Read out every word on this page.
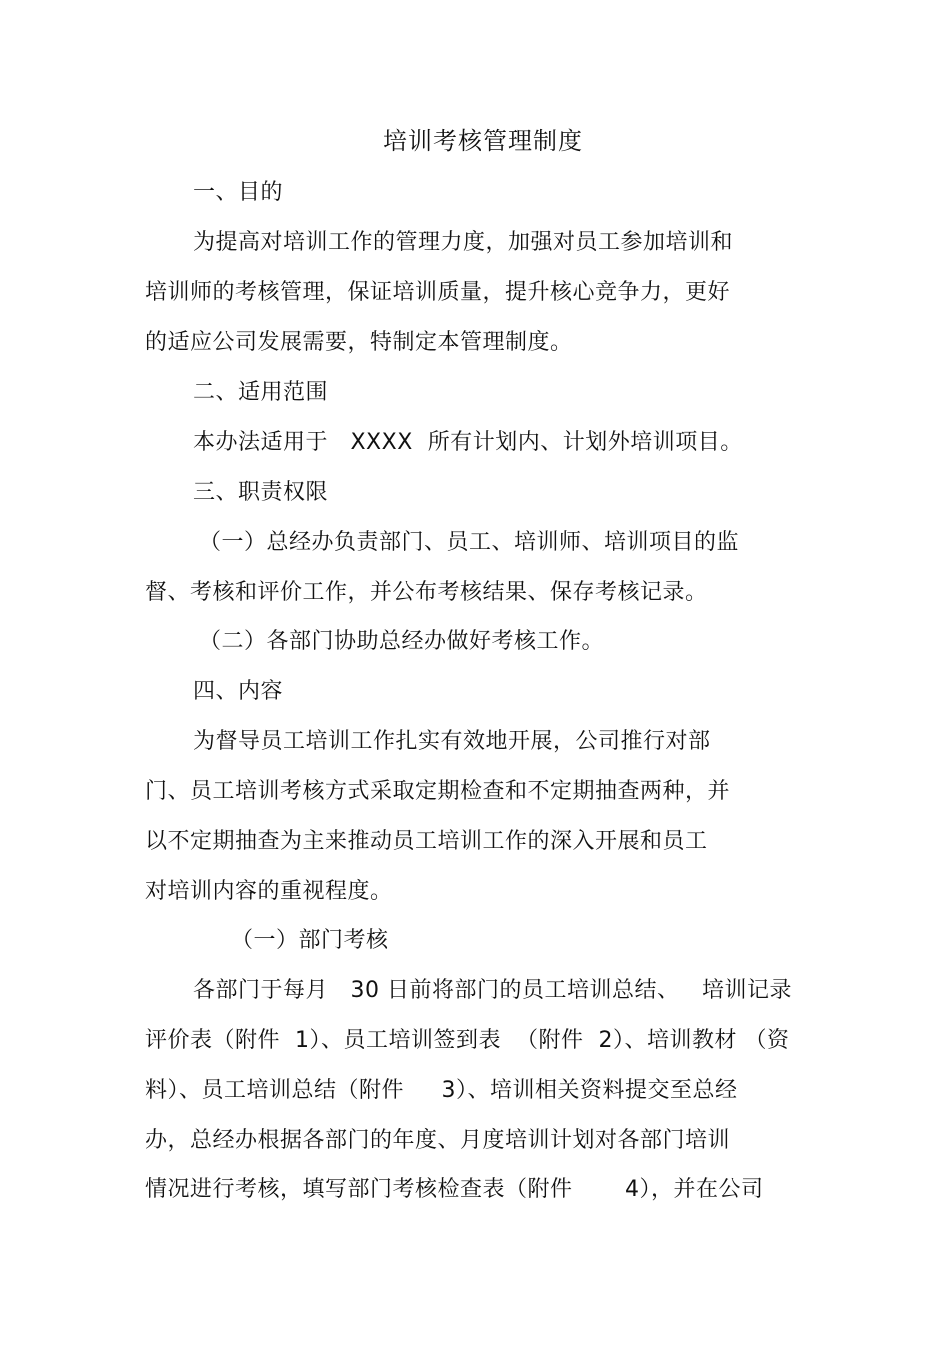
培训考核管理制度
一、目的
为提高对培训工作的管理力度，加强对员工参加培训和
培训师的考核管理，保证培训质量，提升核心竞争力，更好
的适应公司发展需要，特制定本管理制度。
二、适用范围
本办法适用于   XXXX  所有计划内、计划外培训项目。
三、职责权限
（一）总经办负责部门、员工、培训师、培训项目的监
督、考核和评价工作，并公布考核结果、保存考核记录。
（二）各部门协助总经办做好考核工作。
四、内容
为督导员工培训工作扎实有效地开展，公司推行对部
门、员工培训考核方式采取定期检查和不定期抽查两种，并
以不定期抽查为主来推动员工培训工作的深入开展和员工
对培训内容的重视程度。
（一）部门考核
各部门于每月   30 日前将部门的员工培训总结、   培训记录
评价表（附件  1）、员工培训签到表  （附件  2）、培训教材 （资
料）、员工培训总结（附件     3）、培训相关资料提交至总经
办，总经办根据各部门的年度、月度培训计划对各部门培训
情况进行考核，填写部门考核检查表（附件       4），并在公司
